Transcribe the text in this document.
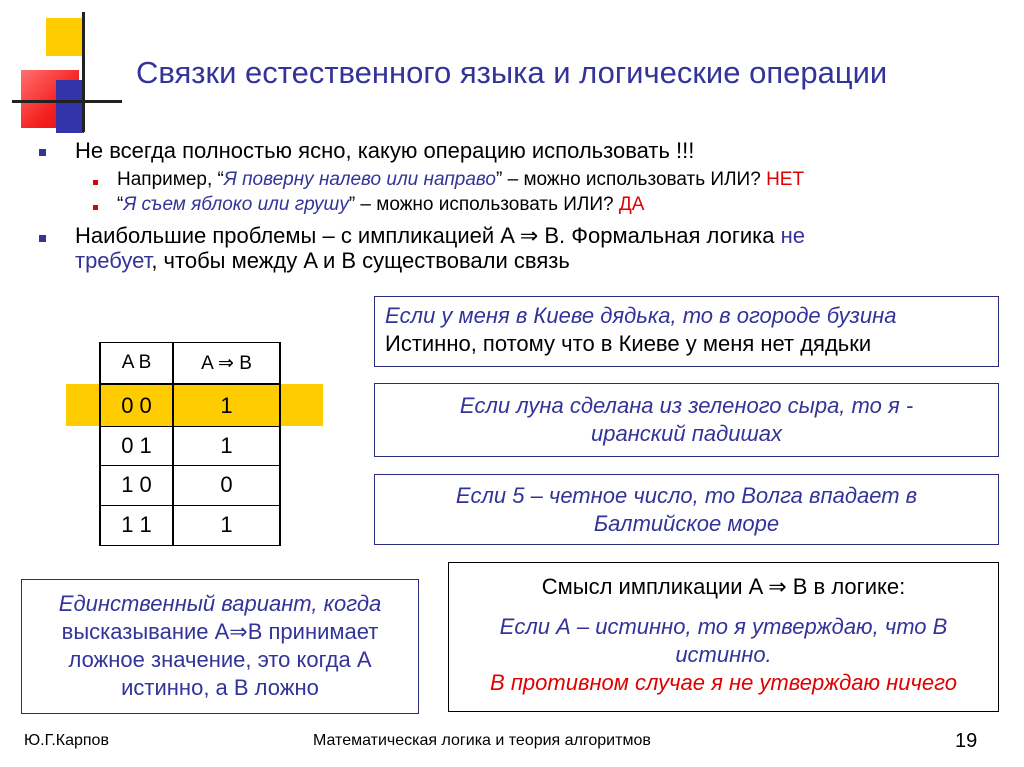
Связки естественного языка и логические операции
Не всегда полностью ясно, какую операцию использовать !!!
Например, “Я поверну налево или направо” – можно использовать ИЛИ? НЕТ
“Я съем яблоко или грушу” – можно использовать ИЛИ? ДА
Наибольшие проблемы – с импликацией A ⇒ B. Формальная логика не
требует, чтобы между A и B существовали связь
A B	A ⇒ B
0 0	1
0 1	1
1 0	0
1 1	1
Если у меня в Киеве дядька, то в огороде бузина
Истинно, потому что в Киеве у меня нет дядьки
Если луна сделана из зеленого сыра, то я -
иранский падишах
Если 5 – четное число, то Волга впадает в
Балтийское море
Единственный вариант, когда
высказывание A⇒B принимает
ложное значение, это когда А
истинно, а В ложно
Смысл импликации A ⇒ B в логике:
Если А – истинно, то я утверждаю, что В
истинно.
В противном случае я не утверждаю ничего
Ю.Г.Карпов	Математическая логика и теория алгоритмов	19
